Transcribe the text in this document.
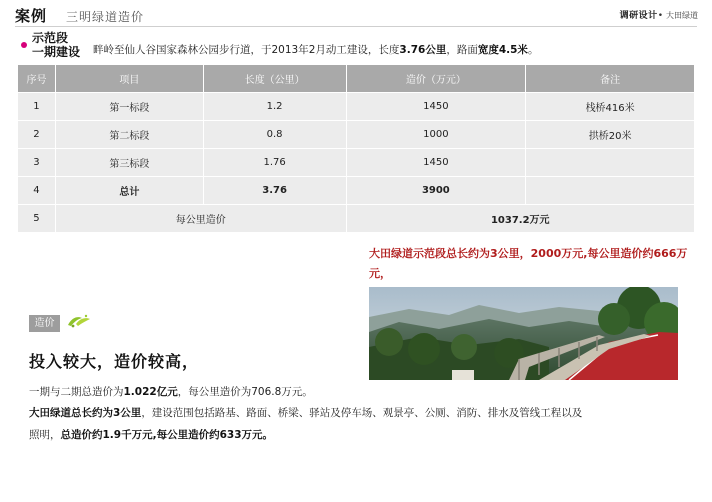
案例 三明绿道造价	调研设计• 大田绿道
示范段
一期建设 畔岭至仙人谷国家森林公园步行道，于2013年2月动工建设，长度3.76公里，路面宽度4.5米。
序号	项目	长度（公里）	造价（万元）	备注
1	第一标段	1.2	1450	栈桥416米
2	第二标段	0.8	1000	拱桥20米
3	第三标段	1.76	1450	
4	总计	3.76	3900	
5	每公里造价		1037.2万元	
大田绿道示范段总长约为3公里，2000万元,每公里造价约666万元，
造价
投入较大，造价较高，
一期与二期总造价为1.022亿元，每公里造价为706.8万元。
大田绿道总长约为3公里，建设范围包括路基、路面、桥梁、驿站及停车场、观景亭、公厕、消防、排水及管线工程以及
照明，总造价约1.9千万元,每公里造价约633万元。
